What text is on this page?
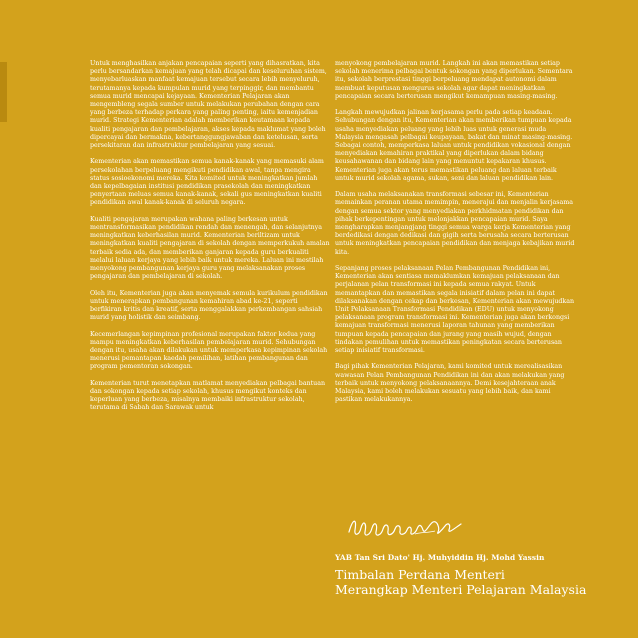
Untuk menghasilkan anjakan pencapaian seperti yang dihasratkan, kita perlu bersandarkan kemajuan yang telah dicapai dan keseluruhan sistem, menyebarluaskan manfaat kemajuan tersebut secara lebih menyeluruh, terutamanya kepada kumpulan murid yang terpinggir, dan membantu semua murid mencapai kejayaan. Kementerian Pelajaran akan mengembleng segala sumber untuk melakukan perubahan dengan cara yang berbeza terhadap perkara yang paling penting, iaitu kemenjadian murid. Strategi Kementerian adalah memberikan keutamaan kepada kualiti pengajaran dan pembelajaran, akses kepada maklumat yang boleh dipercayai dan bermakna, kebertanggungjawaban dan ketelusan, serta persekitaran dan infrastruktur pembelajaran yang sesuai.

Kementerian akan memastikan semua kanak-kanak yang memasuki alam persekolahan berpeluang mengikuti pendidikan awal, tanpa mengira status sosioekonomi mereka. Kita komited untuk meningkatkan jumlah dan kepelbagaian institusi pendidikan prasekolah dan meningkatkan penyertaan meluas semua kanak-kanak, sekali gus meningkatkan kualiti pendidikan awal kanak-kanak di seluruh negara.

Kualiti pengajaran merupakan wahana paling berkesan untuk mentransformasikan pendidikan rendah dan menengah, dan selanjutnya meningkatkan keberhasilan murid. Kementerian beriltizam untuk meningkatkan kualiti pengajaran di sekolah dengan memperkukuh amalan terbaik sedia ada, dan memberikan ganjaran kepada guru berkualiti melalui laluan kerjaya yang lebih baik untuk mereka. Laluan ini mestilah menyokong pembangunan kerjaya guru yang melaksanakan proses pengajaran dan pembelajaran di sekolah.

Oleh itu, Kementerian juga akan menyemak semula kurikulum pendidikan untuk menerapkan pembangunan kemahiran abad ke-21, seperti berfikiran kritis dan kreatif, serta menggalakkan perkembangan sahsiah murid yang holistik dan seimbang.

Kecemerlangan kepimpinan profesional merupakan faktor kedua yang mampu meningkatkan keberhasilan pembelajaran murid. Sehubungan dengan itu, usaha akan dilakukan untuk memperkasa kepimpinan sekolah menerusi pemantapan kaedah pemilihan, latihan pembangunan dan program pementoran sokongan.

Kementerian turut menetapkan matlamat menyediakan pelbagai bantuan dan sokongan kepada setiap sekolah, khusus mengikut konteks dan keperluan yang berbeza, misalnya membaiki infrastruktur sekolah, terutama di Sabah dan Sarawak untuk

menyokong pembelajaran murid. Langkah ini akan memastikan setiap sekolah menerima pelbagai bentuk sokongan yang diperlukan. Sementara itu, sekolah berprestasi tinggi berpeluang mendapat autonomi dalam membuat keputusan mengurus sekolah agar dapat meningkatkan pencapaian secara berterusan mengikut kemampuan masing-masing.

Langkah mewujudkan jalinan kerjasama perlu pada setiap keadaan. Sehubungan dengan itu, Kementerian akan memberikan tumpuan kepada usaha menyediakan peluang yang lebih luas untuk generasi muda Malaysia mengasah pelbagai keupayaan, bakat dan minat masing-masing. Sebagai contoh, memperkasa laluan untuk pendidikan vokasional dengan menyediakan kemahiran praktikal yang diperlukan dalam bidang keusahawanan dan bidang lain yang menuntut kepakaran khusus. Kementerian juga akan terus memastikan peluang dan laluan terbaik untuk murid sekolah agama, sukan, seni dan laluan pendidikan lain.

Dalam usaha melaksanakan transformasi sebesar ini, Kementerian memainkan peranan utama memimpin, menerajui dan menjalin kerjasama dengan semua sektor yang menyediakan perkhidmatan pendidikan dan pihak berkepentingan untuk melonjakkan pencapaian murid. Saya mengharapkan menjangjang tinggi semua warga kerja Kementerian yang berdedikasi dengan dedikasi dan gigih serta berusaha secara berterusan untuk meningkatkan pencapaian pendidikan dan menjaga kebajikan murid kita.

Sepanjang proses pelaksanaan Pelan Pembangunan Pendidikan ini, Kementerian akan sentiasa memaklumkan kemajuan pelaksanaan dan perjalanan pelan transformasi ini kepada semua rakyat. Untuk memantapkan dan memastikan segala inisiatif dalam pelan ini dapat dilaksanakan dengan cekap dan berkesan, Kementerian akan mewujudkan Unit Pelaksanaan Transformasi Pendidikan (EDU) untuk menyokong pelaksanaan program transformasi ini. Kementerian juga akan berkongsi kemajuan transformasi menerusi laporan tahunan yang memberikan tumpuan kepada pencapaian dan jurang yang masih wujud, dengan tindakan pemulihan untuk memastikan peningkatan secara berterusan setiap inisiatif transformasi.

Bagi pihak Kementerian Pelajaran, kami komited untuk merealisasikan wawasan Pelan Pembangunan Pendidikan ini dan akan melakukan yang terbaik untuk menyokong pelaksanaannya. Demi kesejahteraan anak Malaysia, kami boleh melakukan sesuatu yang lebih baik, dan kami pastikan melakukannya.

YAB Tan Sri Dato' Hj. Muhyiddin Hj. Mohd Yassin
Timbalan Perdana Menteri
Merangkap Menteri Pelajaran Malaysia
